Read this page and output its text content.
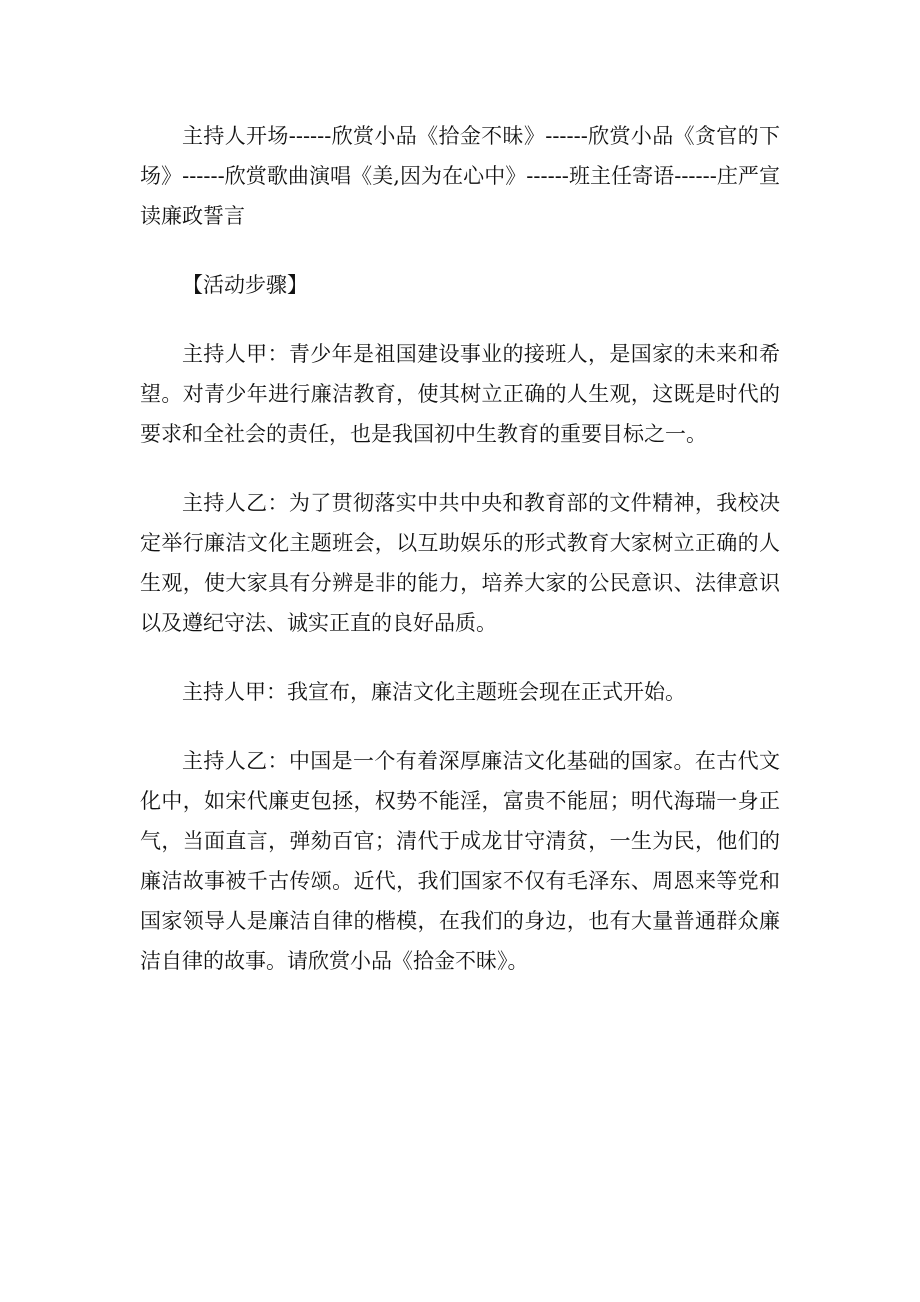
主持人开场------欣赏小品《拾金不昧》------欣赏小品《贪官的下场》------欣赏歌曲演唱《美,因为在心中》------班主任寄语------庄严宣读廉政誓言

【活动步骤】

主持人甲：青少年是祖国建设事业的接班人，是国家的未来和希望。对青少年进行廉洁教育，使其树立正确的人生观，这既是时代的要求和全社会的责任，也是我国初中生教育的重要目标之一。

主持人乙：为了贯彻落实中共中央和教育部的文件精神，我校决定举行廉洁文化主题班会，以互助娱乐的形式教育大家树立正确的人生观，使大家具有分辨是非的能力，培养大家的公民意识、法律意识以及遵纪守法、诚实正直的良好品质。

主持人甲：我宣布，廉洁文化主题班会现在正式开始。

主持人乙：中国是一个有着深厚廉洁文化基础的国家。在古代文化中，如宋代廉吏包拯，权势不能淫，富贵不能屈；明代海瑞一身正气，当面直言，弹劾百官；清代于成龙甘守清贫，一生为民，他们的廉洁故事被千古传颂。近代，我们国家不仅有毛泽东、周恩来等党和国家领导人是廉洁自律的楷模，在我们的身边，也有大量普通群众廉洁自律的故事。请欣赏小品《拾金不昧》。
